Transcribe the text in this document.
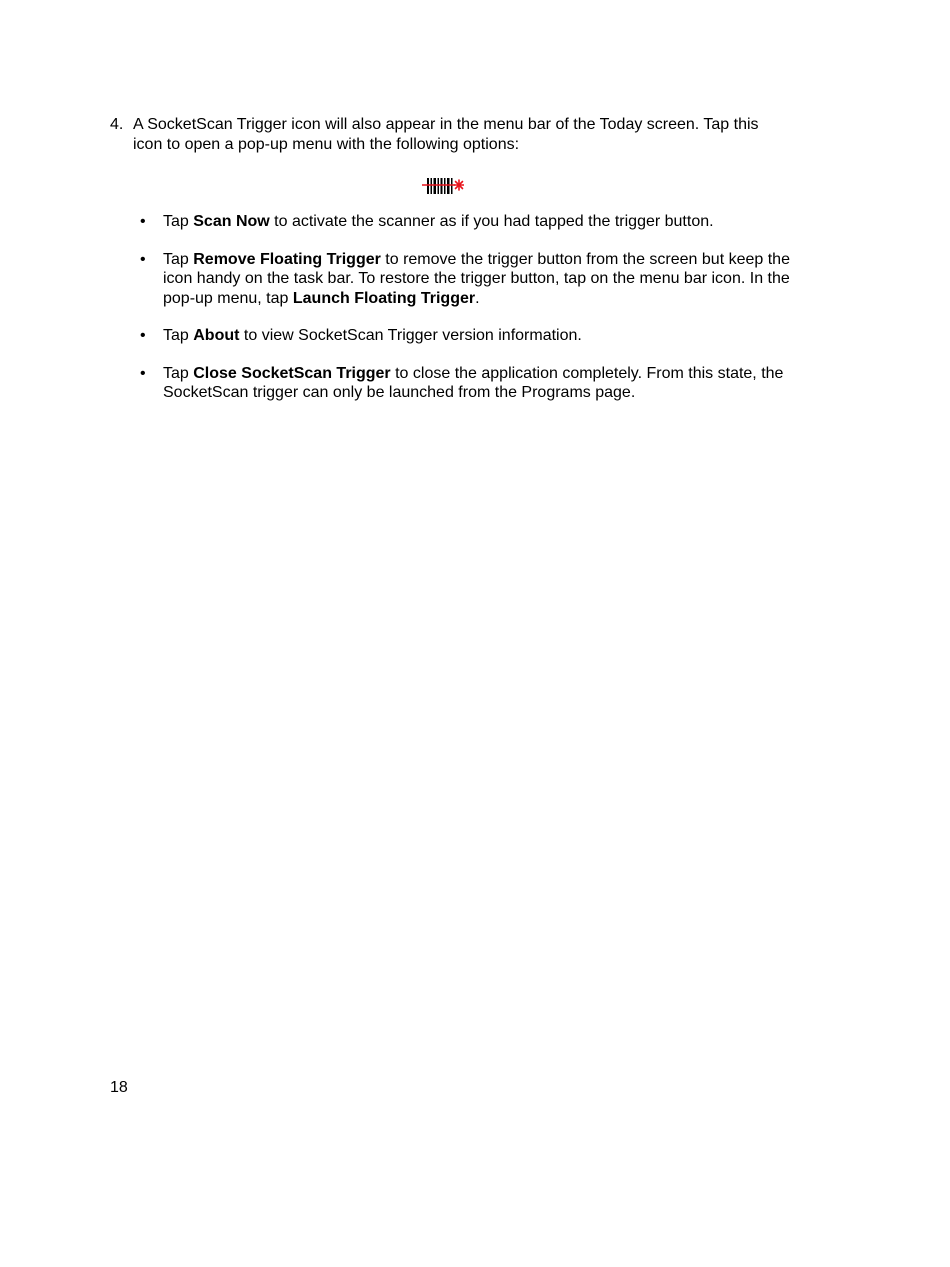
4. A SocketScan Trigger icon will also appear in the menu bar of the Today screen. Tap this icon to open a pop-up menu with the following options:
• Tap Scan Now to activate the scanner as if you had tapped the trigger button.
• Tap Remove Floating Trigger to remove the trigger button from the screen but keep the icon handy on the task bar. To restore the trigger button, tap on the menu bar icon. In the pop-up menu, tap Launch Floating Trigger.
• Tap About to view SocketScan Trigger version information.
• Tap Close SocketScan Trigger to close the application completely. From this state, the SocketScan trigger can only be launched from the Programs page.
18
